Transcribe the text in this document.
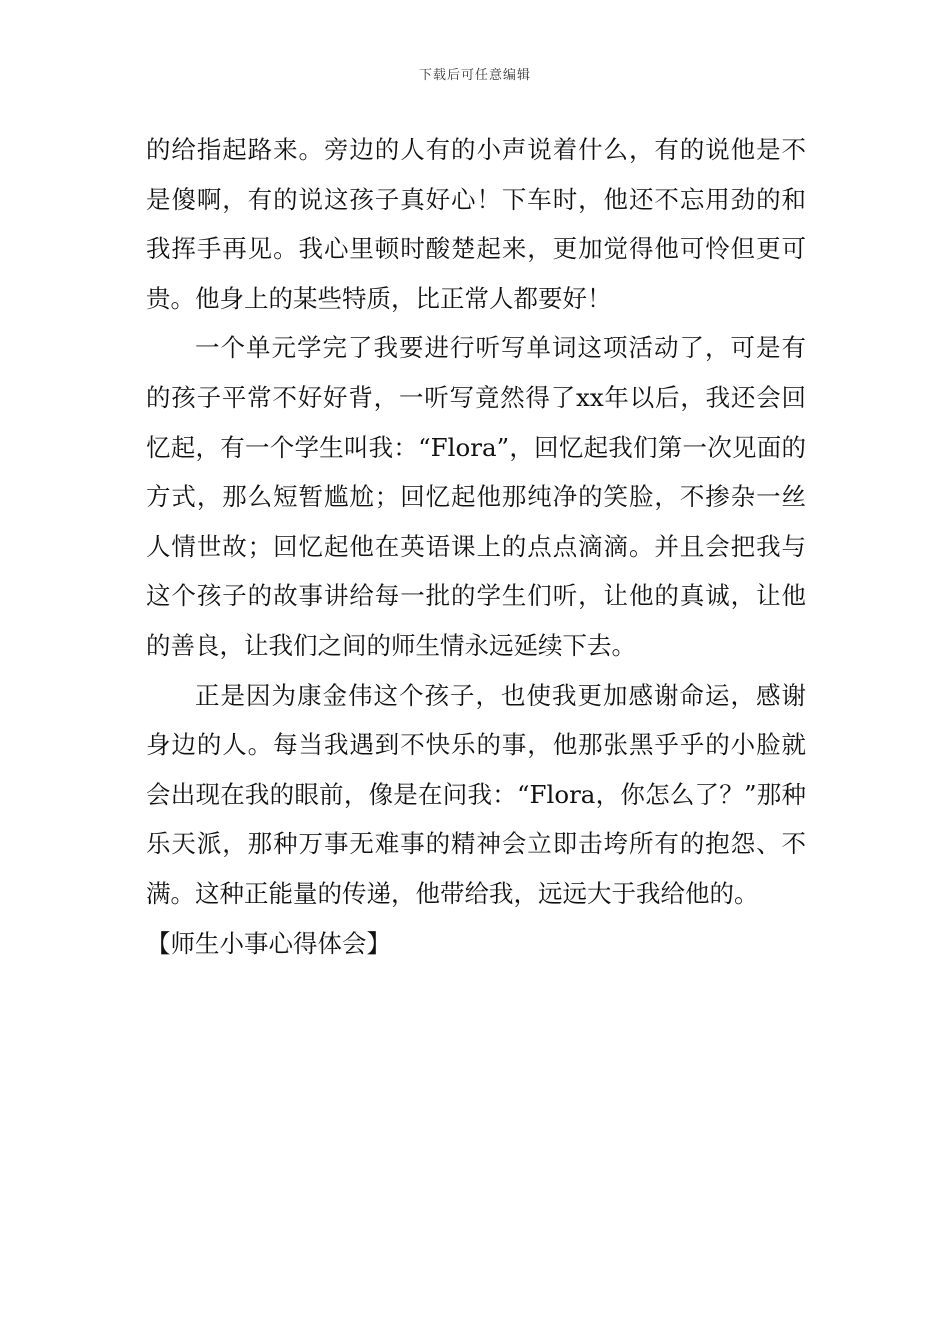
下载后可任意编辑

的给指起路来。旁边的人有的小声说着什么，有的说他是不是傻啊，有的说这孩子真好心！下车时，他还不忘用劲的和我挥手再见。我心里顿时酸楚起来，更加觉得他可怜但更可贵。他身上的某些特质，比正常人都要好！

一个单元学完了我要进行听写单词这项活动了，可是有的孩子平常不好好背，一听写竟然得了xx年以后，我还会回忆起，有一个学生叫我：“Flora”，回忆起我们第一次见面的方式，那么短暂尴尬；回忆起他那纯净的笑脸，不掺杂一丝人情世故；回忆起他在英语课上的点点滴滴。并且会把我与这个孩子的故事讲给每一批的学生们听，让他的真诚，让他的善良，让我们之间的师生情永远延续下去。

正是因为康金伟这个孩子，也使我更加感谢命运，感谢身边的人。每当我遇到不快乐的事，他那张黑乎乎的小脸就会出现在我的眼前，像是在问我：“Flora，你怎么了？”那种乐天派，那种万事无难事的精神会立即击垮所有的抱怨、不满。这种正能量的传递，他带给我，远远大于我给他的。

【师生小事心得体会】
